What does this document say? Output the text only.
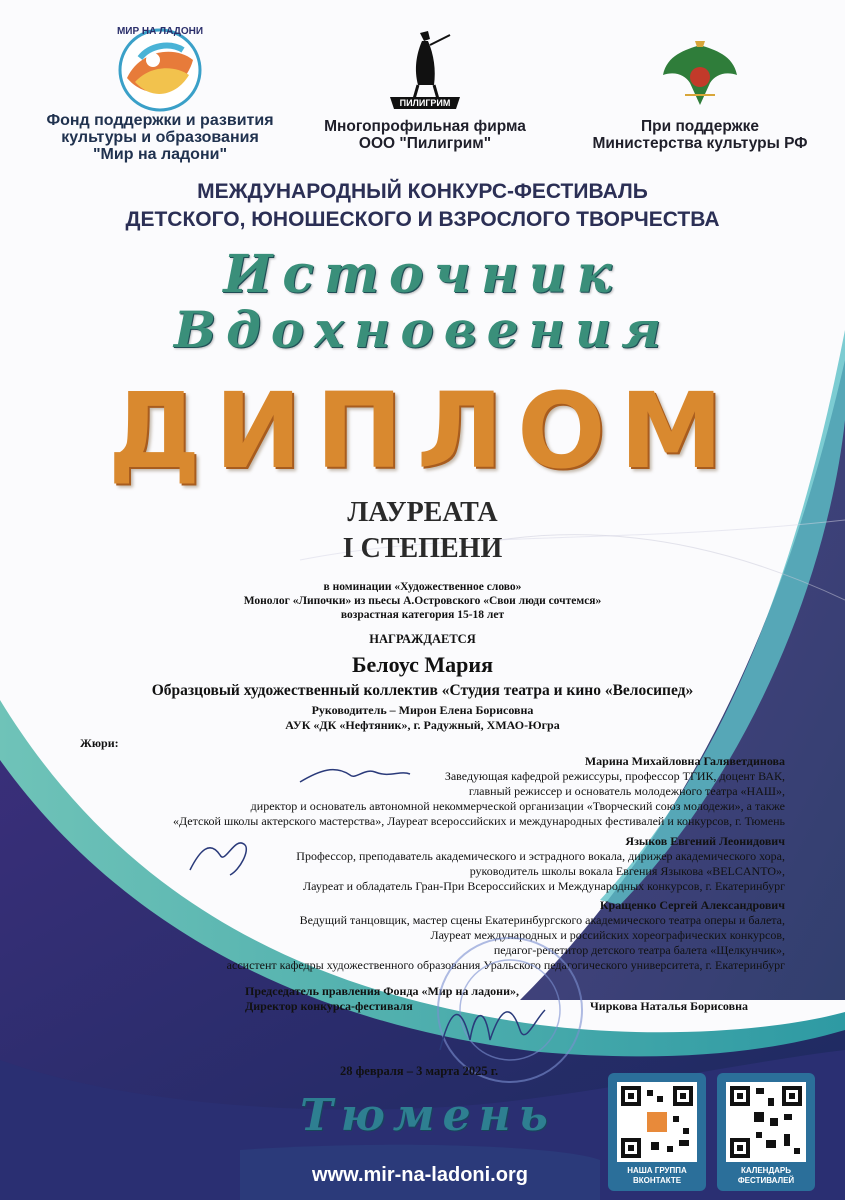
МИР НА ЛАДОНИ
ПИЛИГРИМ
Фонд поддержки и развития
культуры и образования
"Мир на ладони"
Многопрофильная фирма
ООО "Пилигрим"
При поддержке
Министерства культуры РФ
МЕЖДУНАРОДНЫЙ КОНКУРС-ФЕСТИВАЛЬ
ДЕТСКОГО, ЮНОШЕСКОГО И ВЗРОСЛОГО ТВОРЧЕСТВА
Источник
Вдохновения
ДИПЛОМ
ЛАУРЕАТА
I СТЕПЕНИ
в номинации «Художественное слово»
Монолог «Липочки» из пьесы А.Островского «Свои люди сочтемся»
возрастная категория 15-18 лет
НАГРАЖДАЕТСЯ
Белоус Мария
Образцовый художественный коллектив «Студия театра и кино «Велосипед»
Руководитель – Мирон Елена Борисовна
АУК «ДК «Нефтяник», г. Радужный, ХМАО-Югра
Жюри:
Марина Михайловна Галяветдинова
Заведующая кафедрой режиссуры, профессор ТГИК, доцент ВАК,
главный режиссер и основатель молодежного театра «НАШ»,
директор и основатель автономной некоммерческой организации «Творческий союз молодежи», а также
«Детской школы актерского мастерства», Лауреат всероссийских и международных фестивалей и конкурсов, г. Тюмень
Языков Евгений Леонидович
Профессор, преподаватель академического и эстрадного вокала, дирижер академического хора,
руководитель школы вокала Евгения Языкова «BELCANTO»,
Лауреат и обладатель Гран-При Всероссийских и Международных конкурсов, г. Екатеринбург
Кращенко Сергей Александрович
Ведущий танцовщик, мастер сцены Екатеринбургского академического театра оперы и балета,
Лауреат международных и российских хореографических конкурсов,
педагог-репетитор детского театра балета «Щелкунчик»,
ассистент кафедры художественного образования Уральского педагогического университета, г. Екатеринбург
Председатель правления Фонда «Мир на ладони»,
Директор конкурса-фестиваля	Чиркова Наталья Борисовна
28 февраля – 3 марта 2025 г.
Тюмень
www.mir-na-ladoni.org	НАША ГРУППА
ВКОНТАКТЕ
КАЛЕНДАРЬ
ФЕСТИВАЛЕЙ
